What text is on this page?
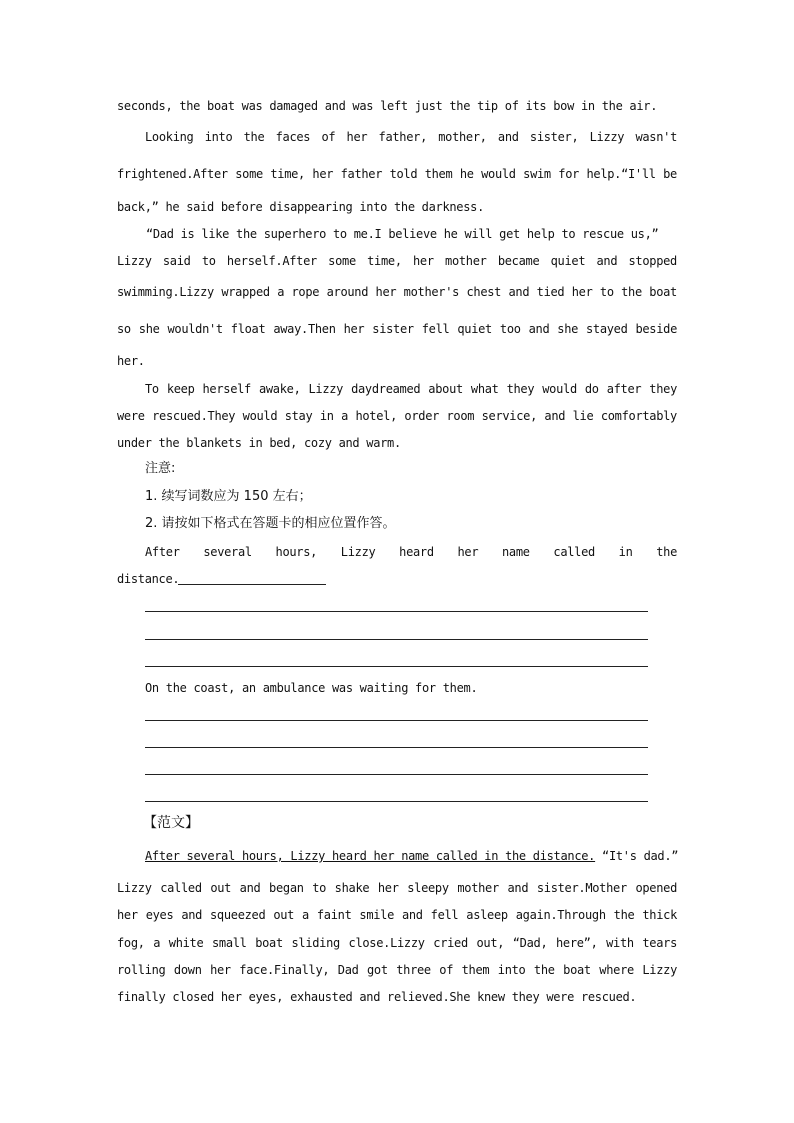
seconds, the boat was damaged and was left just the tip of its bow in the air.
Looking into the faces of her father, mother, and sister, Lizzy wasn't
frightened.After some time, her father told them he would swim for help.“I'll be
back,” he said before disappearing into the darkness.
“Dad is like the superhero to me.I believe he will get help to rescue us,”
Lizzy said to herself.After some time, her mother became quiet and stopped
swimming.Lizzy wrapped a rope around her mother's chest and tied her to the boat
so she wouldn't float away.Then her sister fell quiet too and she stayed beside
her.
To keep herself awake, Lizzy daydreamed about what they would do after they
were rescued.They would stay in a hotel, order room service, and lie comfortably
under the blankets in bed, cozy and warm.
注意:
1. 续写词数应为 150 左右；
2. 请按如下格式在答题卡的相应位置作答。
After several hours, Lizzy heard her name called in the
distance.
On the coast, an ambulance was waiting for them.
【范文】
After several hours, Lizzy heard her name called in the distance. “It's dad.”
Lizzy called out and began to shake her sleepy mother and sister.Mother opened
her eyes and squeezed out a faint smile and fell asleep again.Through the thick
fog, a white small boat sliding close.Lizzy cried out, “Dad, here”, with tears
rolling down her face.Finally, Dad got three of them into the boat where Lizzy
finally closed her eyes, exhausted and relieved.She knew they were rescued.
